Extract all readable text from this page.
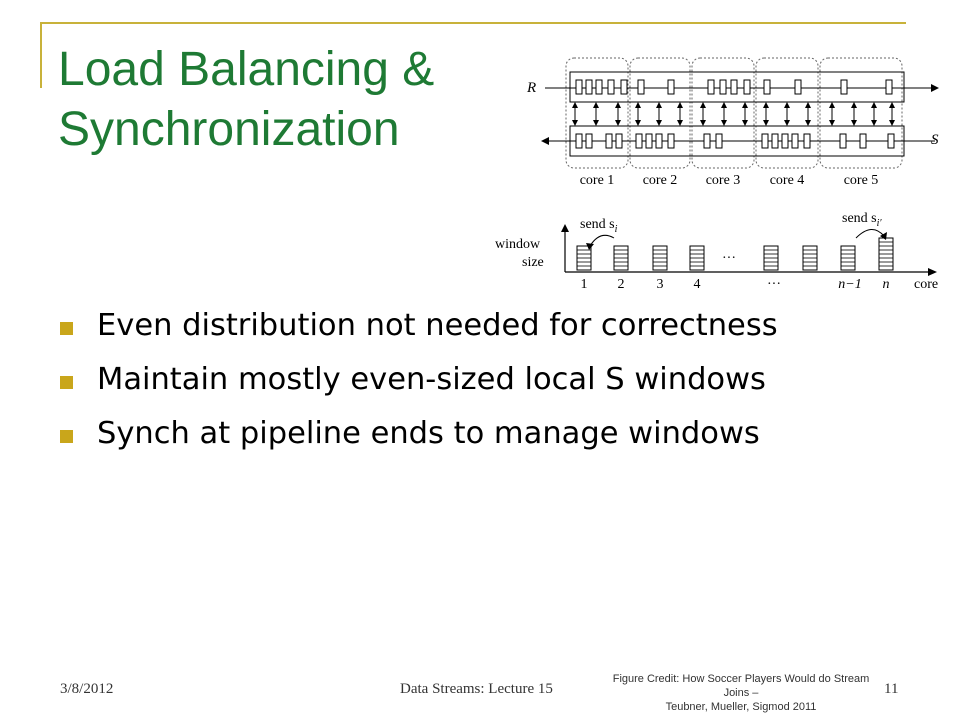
Load Balancing &
Synchronization
R
S
core 1 core 2 core 3 core 4	core 5
window
size
send $s_i$
send $s_{i'}$
···
1 2 3 4	···	n−1 n core
Even distribution not needed for correctness
Maintain mostly even-sized local S windows
Synch at pipeline ends to manage windows
3/8/2012	Data Streams: Lecture 15
Figure Credit: How Soccer Players Would do Stream Joins –
Teubner, Mueller, Sigmod 2011
11
